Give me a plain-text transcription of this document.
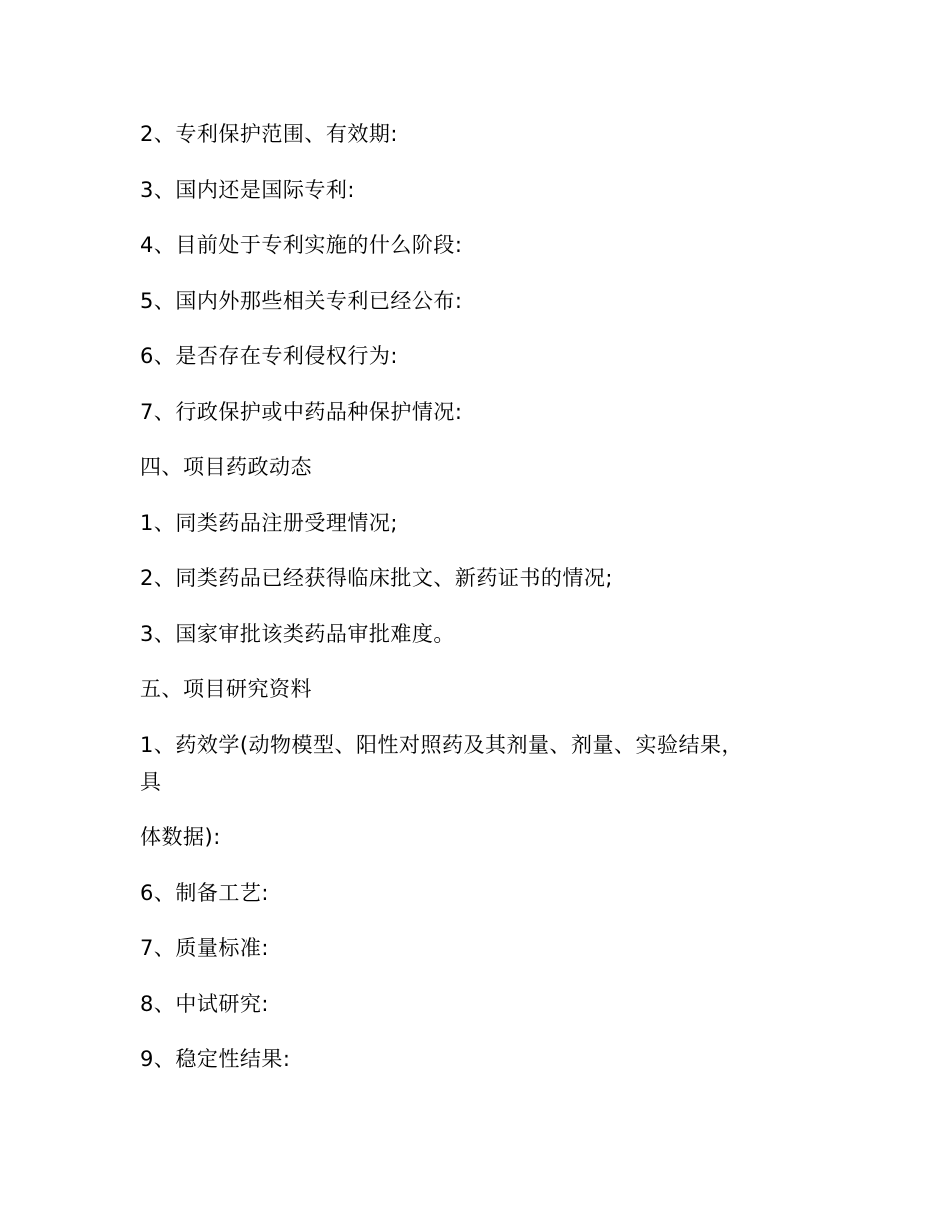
2、专利保护范围、有效期:
3、国内还是国际专利:
4、目前处于专利实施的什么阶段:
5、国内外那些相关专利已经公布:
6、是否存在专利侵权行为:
7、行政保护或中药品种保护情况:
四、项目药政动态
1、同类药品注册受理情况;
2、同类药品已经获得临床批文、新药证书的情况;
3、国家审批该类药品审批难度。
五、项目研究资料
1、药效学(动物模型、阳性对照药及其剂量、剂量、实验结果，
具
体数据):
6、制备工艺:
7、质量标准:
8、中试研究:
9、稳定性结果:
